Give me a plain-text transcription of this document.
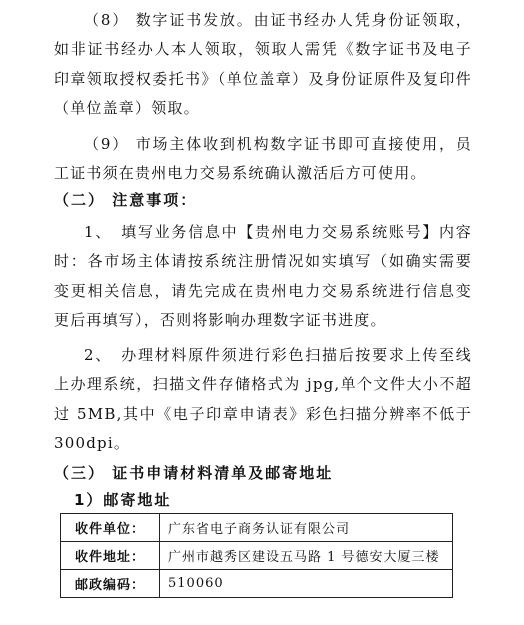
（8） 数字证书发放。由证书经办人凭身份证领取，如非证书经办人本人领取，领取人需凭《数字证书及电子印章领取授权委托书》（单位盖章）及身份证原件及复印件（单位盖章）领取。

（9） 市场主体收到机构数字证书即可直接使用，员工证书须在贵州电力交易系统确认激活后方可使用。

（二） 注意事项：

1、　填写业务信息中【贵州电力交易系统账号】内容时：各市场主体请按系统注册情况如实填写（如确实需要变更相关信息，请先完成在贵州电力交易系统进行信息变更后再填写），否则将影响办理数字证书进度。

2、　办理材料原件须进行彩色扫描后按要求上传至线上办理系统，扫描文件存储格式为 jpg,单个文件大小不超过 5MB,其中《电子印章申请表》彩色扫描分辨率不低于 300dpi。

（三） 证书申请材料清单及邮寄地址
1）邮寄地址
收件单位：	广东省电子商务认证有限公司
收件地址：	广州市越秀区建设五马路 1 号德安大厦三楼
邮政编码：	510060
